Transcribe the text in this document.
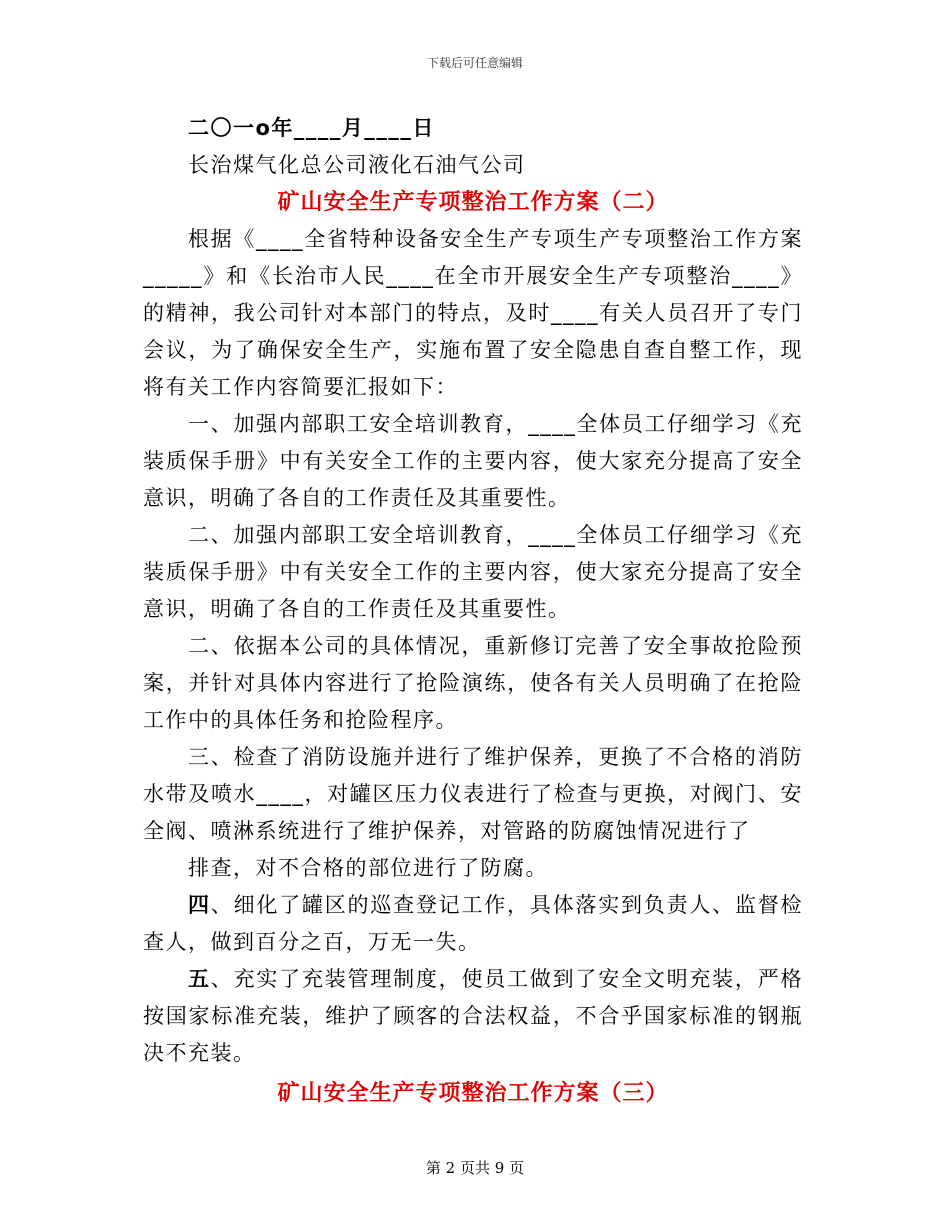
下载后可任意编辑

二〇一o年____月____日

长治煤气化总公司液化石油气公司

矿山安全生产专项整治工作方案（二）

根据《____全省特种设备安全生产专项生产专项整治工作方案_____》和《长治市人民____在全市开展安全生产专项整治____》的精神，我公司针对本部门的特点，及时____有关人员召开了专门会议，为了确保安全生产，实施布置了安全隐患自查自整工作，现将有关工作内容简要汇报如下：

一、加强内部职工安全培训教育，____全体员工仔细学习《充装质保手册》中有关安全工作的主要内容，使大家充分提高了安全意识，明确了各自的工作责任及其重要性。

二、加强内部职工安全培训教育，____全体员工仔细学习《充装质保手册》中有关安全工作的主要内容，使大家充分提高了安全意识，明确了各自的工作责任及其重要性。

二、依据本公司的具体情况，重新修订完善了安全事故抢险预案，并针对具体内容进行了抢险演练，使各有关人员明确了在抢险工作中的具体任务和抢险程序。

三、检查了消防设施并进行了维护保养，更换了不合格的消防水带及喷水____，对罐区压力仪表进行了检查与更换，对阀门、安全阀、喷淋系统进行了维护保养，对管路的防腐蚀情况进行了

排查，对不合格的部位进行了防腐。

四、细化了罐区的巡查登记工作，具体落实到负责人、监督检查人，做到百分之百，万无一失。

五、充实了充装管理制度，使员工做到了安全文明充装，严格按国家标准充装，维护了顾客的合法权益，不合乎国家标准的钢瓶决不充装。

矿山安全生产专项整治工作方案（三）

第 2 页共 9 页
